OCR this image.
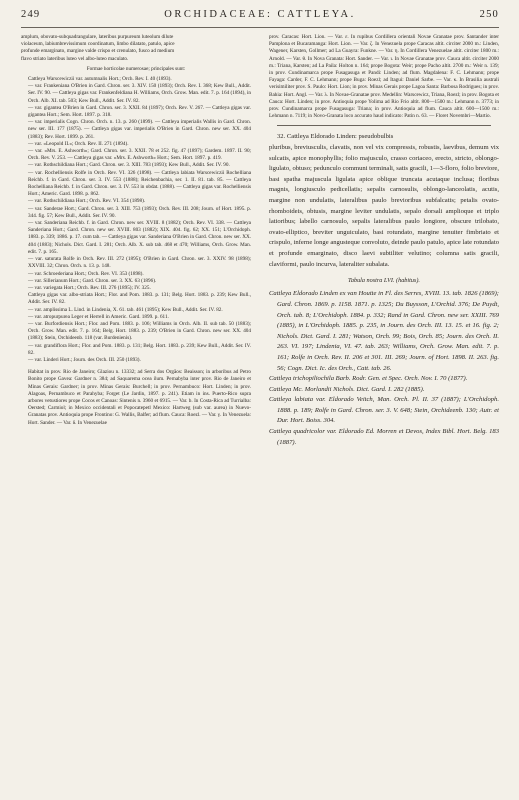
249	ORCHIDACEAE: CATTLEYA.	250

amplum, obovato-subquadrangulare, lateribus purpureum luteolum dilute

violaceum, labiumbrevissimum coordinatum, limbo dilatato, patulo, apice

profunde emarginato, margine valde crispo et crenulato, fusco ad medium

flavo striato lateribus luteo vel albo-luteo maculato.

Formae horticolae numerosae; principales sunt:

Cattleya Warscewiczii var. autumnalis Hort.; Orch. Rev. I. 40 (1893).

— var. Frankeniana O'Brien in Gard. Chron. ser. 3. XIV. 150 (1893); Orch. Rev. I. 368; Kew Bull., Addit. Ser. IV. 90. — Cattleya gigas var. Frankenfeldiana H. Williams, Orch. Grow. Man. edit. 7. p. 164 (1894), in Orch. Alb. XI. tab. 503; Kew Bull., Addit. Ser. IV. 82.

— var. gigantea O'Brien in Gard. Chron. ser. 3. XXII. 84 (1897); Orch. Rev. V. 267. — Cattleya gigas var. gigantea Hort.; Sem. Hort. 1897. p. 318.

— var. imperialis Cogn. Chron. Orch. n. 13. p. 260 (1899). — Cattleya imperialis Wallis in Gard. Chron. new ser. III. 177 (1875). — Cattleya gigas var. imperialis O'Brien in Gard. Chron. new ser. XX. 404 (1883); Rev. Hort. 1899. p. 261.

— var. «Leopold II.»; Orch. Rev. II. 271 (1894).

— var. «Mrs. E. Ashworth»; Gard. Chron. ser. 3. XXII. 78 et 252. fig. 47 (1897); Gardem. 1897. II. 90; Orch. Rev. V. 253. — Cattleya gigas var. «Mrs. E. Ashworth» Hort.; Sem. Hort. 1897. p. 419.

— var. Rothschildiana Hort.; Gard. Chron. ser. 3. XIII. 783 (1893); Kew Bull., Addit. Ser. IV. 90.

— var. Rochelliensis Rolfe in Orch. Rev. VI. 326 (1898). — Cattleya labiata Warscewiczii Rochelliana Reichb. f. in Gard. Chron. ser. 3. IV. 553 (1888); Reichenbachia, ser. 1. II. 81. tab. 85. — Cattleya Rochelliana Reichb. f. in Gard. Chron. ser. 3. IV. 553 in obdat. (1888). — Cattleya gigas var. Rochelliensis Hort.; Americ. Gard. 1898. p. 862.

— var. Rothschildiana Hort.; Orch. Rev. VI. 354 (1898).

— var. Sanderae Hort.; Gard. Chron. ser. 3. XIII. 753 (1893); Orch. Rev. III. 208; Journ. of Hort. 1895. p. 344. fig. 57; Kew Bull., Addit. Ser. IV. 90.

— var. Sanderiana Reichb. f. in Gard. Chron. new ser. XVIII. 8 (1882); Orch. Rev. VI. 338. — Cattleya Sanderiana Hort.; Gard. Chron. new ser. XVIII. 803 (1882); XIX. 404. fig. 62; XX. 151; L'Orchidoph. 1883. p. 339; 1886. p. 17. cum tab. — Cattleya gigas var. Sanderiana O'Brien in Gard. Chron. new ser. XX. 404 (1883); Nichols. Dict. Gard. I. 281; Orch. Alb. X. sub tab. 468 et 470; Williams, Orch. Grow. Man. edit. 7. p. 165.

— var. saturata Rolfe in Orch. Rev. III. 272 (1895); O'Brien in Gard. Chron. ser. 3. XXIV. 98 (1898); XXVIII. 32; Chron. Orch. n. 13. p. 148.

— var. Schroederiana Hort.; Orch. Rev. VI. 353 (1898).

— var. Sillerianum Hort.; Gard. Chron. ser. 3. XX. 63 (1896).

— var. variegata Hort.; Orch. Rev. III. 276 (1895); IV. 325.

Cattleya gigas var. albo-striata Hort.; Flor. and Pom. 1883. p. 131; Belg. Hort. 1883. p. 239; Kew Bull., Addit. Ser. IV. 82.

— var. amplissima L. Lind. in Lindenia, X. 61. tab. 461 (1895); Kew Bull., Addit. Ser. IV. 82.

— var. atropurpurea Leger et Herrell in Americ. Gard. 1899. p. 611.

— var. Burfordiensis Hort.; Flor. and Pom. 1883. p. 106; Williams in Orch. Alb. II. sub tab. 50 (1883); Orch. Grow. Man. edit. 7. p. 164; Belg. Hort. 1883. p. 239; O'Brien in Gard. Chron. new ser. XX. 404 (1883); Stein, Orchideenb. 118 (var. Burdenienis).

— var. grandiflora Hort.; Flor. and Pom. 1883. p. 131; Belg. Hort. 1883. p. 239; Kew Bull., Addit. Ser. IV. 82.

— var. Linderi Hort.; Journ. des Orch. III. 250 (1893).

Habitat in prov. Rio de Janeiro; Glaziou n. 13332; ad Serra dos Orgãos: Beaisson; in arboribus ad Petro Bonito prope Gavea: Gardner n. 384; ad Saquarema ocea ilum. Pernabyba inter prov. Rio de Janeiro et Minas Gerais: Gardner; in prov. Minas Gerais: Burchell; in prov. Pernambuco: Hort. Linden; in prov. Alagoas, Pernambuco et Parahyba; Forget (Le Jardin, 1897. p. 241). Etiam in ins. Puerto-Rico supra arbores vetustiores prope Cocos et Canoas: Sintenis n. 3960 et 6915. — Var. b. In Costa-Rica ad Turrialba: Oersted; Carmiol; in Mexico occidentali et Popocatepetl Mexico: Hartweg (sub var. aurea) in Nuevo-Granatas prov. Antioquia prope Frontino: G. Wallis, Balfer; ad flum. Cauca: Roezl. — Var. γ. In Venezuela: Hort. Sander. — Var. δ. In Venezuelae

prov. Caracas: Hort. Lion. — Var. ε. In rupibus Cordillera orientali Novae Granatae prov. Santander inter Pamplona et Bucaramanga: Hort. Lion. — Var. ζ. In Venezuela prope Caracas altit. circiter 2000 m.: Linden, Wagener, Karsten, Gollmer; ad La Guayra: Funkne. — Var. η. In Cordillera Venezuelae altit. circiter 1800 m.: Arnold. — Var. θ. In Nova Granata: Hort. Sander. — Var. ι. In Novae Granatae prov. Cauca altit. circiter 2000 m.: Triana, Karsten; ad La Paila: Holton n. 164; prope Bogota: Weir; prope Pacho altit. 2700 m.: Weir n. 139; in prov. Cundinamarca prope Fusagasuga et Pandi: Linden; ad flum. Magdalena: F. C. Lehmann; prope Fayaga: Carder, F. C. Lehmann; prope Buga: Roezl; ad Itagui: Daniel Sarbe. — Var. κ. In Brasilia australi verisimiliter prov. S. Paulo: Hort. Lion; in prov. Minas Gerais prope Lagoa Santa: Barbosa Rodrigues; in prov. Bahia: Hort. Angl. — Var. λ. In Novae-Granatae prov. Medellin: Warscewicz, Triana, Roezl; in prov. Bogota et Cauca: Hort. Linden; in prov. Antioquia prope Yolima ad Rio Frio altit. 800—1500 m.: Lehmann n. 3773; in prov. Cundinamarca prope Fusagasuga: Triana; in prov. Antioquia ad flum. Cauca altit. 600—1500 m.: Lehmann n. 7119; in Novo-Granata loco accurato haud indicato: Patin n. 63. — Floret Novembri—Martio.

32. Cattleya Eldorado Linden: pseudobulbis

pluribus, breviusculis, clavatis, non vel vix compressis, robustis, laevibus, demum vix sulcatis, apice monophyllis; folio majusculo, crasso coriaceo, erecto, stricto, oblongo-ligulato, obtuso; pedunculo communi terminali, satis gracili, 1—3-floro, folio breviore, basi spatha majuscula ligulata apice oblique truncata acutaque inclusa; floribus magnis, longiusculo pedicellatis; sepalis carnosulis, oblongo-lanceolatis, acutis, margine non undulatis, lateralibus paulo brevioribus subfalcatis; petalis ovato-rhomboideis, obtusis, margine leviter undulatis, sepalo dorsali amplioque et triplo latioribus; labello carnosulo, sepalis lateralibus paulo longiore, obscure trilobato, ovato-elliptico, breviter unguiculato, basi rotundato, margine tenuiter fimbriato et crispulo, inferne longe angusteque convoluto, deinde paulo patulo, apice late rotundato et profunde emarginato, disco laevi subtiliter velutino; columna satis gracili, claviformi, paulo incurva, lateraliter subalata.

Tabula nostra LVI. (habitus).

Cattleya Eldorado Linden ex van Houtte in Fl. des Serres, XVIII. 13. tab. 1826 (1869); Gard. Chron. 1869. p. 1158. 1871. p. 1325; Du Buysson, L'Orchid. 376; De Puydt, Orch. tab. 8; L'Orchidoph. 1884. p. 332; Rand in Gard. Chron. new ser. XXIII. 769 (1885), in L'Orchidoph. 1885. p. 235, in Journ. des Orch. III. 13. 15. et 16. fig. 2; Nichols. Dict. Gard. I. 281; Watson, Orch. 99; Bois, Orch. 85; Journ. des Orch. II. 263. VI. 197; Lindenia, VI. 47. tab. 263; Williams, Orch. Grow. Man. edit. 7. p. 161; Rolfe in Orch. Rev. II. 206 et 301. III. 269; Journ. of Hort. 1898. II. 263. fig. 56; Cogn. Dict. Ic. des Orch., Catt. tab. 26.

Cattleya trichopiliochila Barb. Rodr. Gen. et Spec. Orch. Nov. I. 70 (1877).

Cattleya Mc. Morlandii Nichols. Dict. Gard. I. 282 (1885).

Cattleya labiata var. Eldorado Veitch, Man. Orch. Pl. II. 37 (1887); L'Orchidoph. 1888. p. 189; Rolfe in Gard. Chron. ser. 3. V. 648; Stein, Orchideenb. 130; Autr. et Dur. Hort. Boiss. 304.

Cattleya quadricolor var. Eldorado Ed. Morren et Devos, Index Bibl. Hort. Belg. 183 (1887).
